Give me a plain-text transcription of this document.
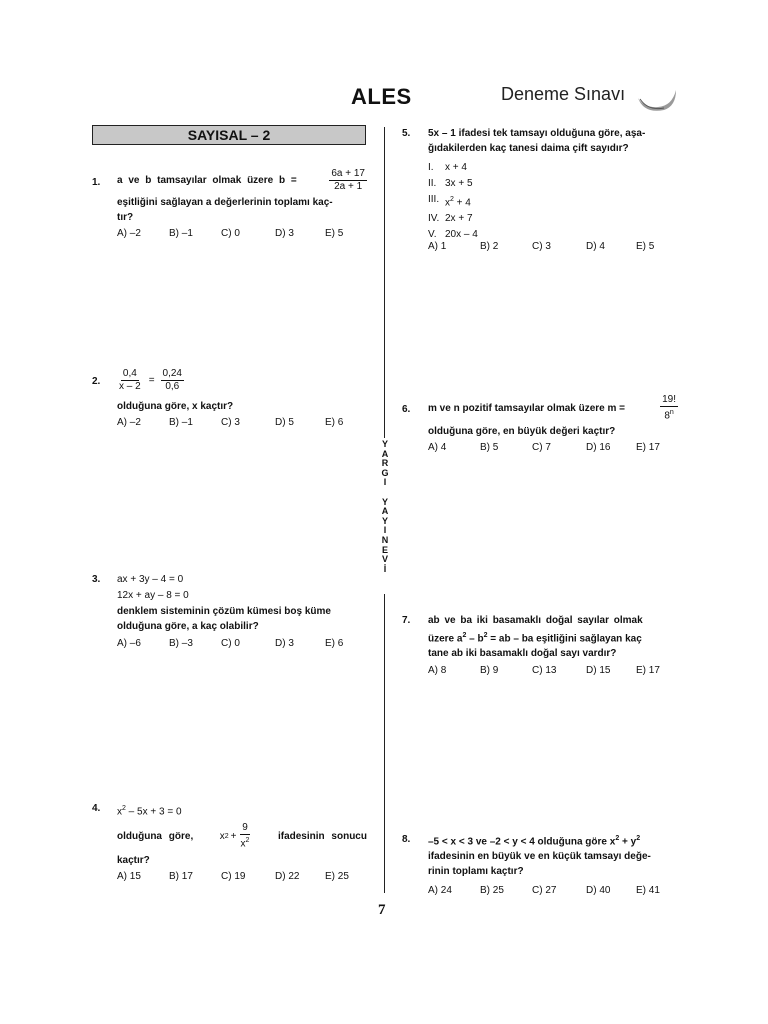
ALES	Deneme Sınavı
SAYISAL – 2
Y
A
R
G
I
Y
A
Y
I
N
E
V
İ
1. a ve b tamsayılar olmak üzere b =	$\frac{6a + 17}{2a + 1}$
eşitliğini sağlayan a değerlerinin toplamı kaç-
tır?
A) –2	B) –1	C) 0	D) 3	E) 5
2. $\frac{0,4}{x - 2} = \frac{0,24}{0,6}$
olduğuna göre, x kaçtır?
A) –2	B) –1	C) 3	D) 5	E) 6
3. ax + 3y – 4 = 0
12x + ay – 8 = 0
denklem sisteminin çözüm kümesi boş küme
olduğuna göre, a kaç olabilir?
A) –6	B) –3	C) 0	D) 3	E) 6
4. $x^2 - 5x + 3 = 0$
olduğuna göre,	x $2 + \frac{9}{x^2}$	ifadesinin sonucu
kaçtır?
A) 15	B) 17	C) 19	D) 22	E) 25
5. 5x – 1 ifadesi tek tamsayı olduğuna göre, aşa-
ğıdakilerden kaç tanesi daima çift sayıdır?
I.	x + 4
II. 3x + 5
III. $x^2 + 4$
IV. 2x + 7
V. 20x – 4
A) 1	B) 2	C) 3	D) 4	E) 5
6. m ve n pozitif tamsayılar olmak üzere m =	$\frac{19!}{8^n}$
olduğuna göre, en büyük değeri kaçtır?
A) 4	B) 5	C) 7	D) 16	E) 17
7. ab ve ba iki basamaklı doğal sayılar olmak
üzere $a^2 - b^2$ = ab – ba eşitliğini sağlayan kaç
tane ab iki basamaklı doğal sayı vardır?
A) 8	B) 9	C) 13	D) 15	E) 17
8. –5 < x < 3 ve –2 < y < 4 olduğuna göre $x^2 + y^2$
ifadesinin en büyük ve en küçük tamsayı değe-
rinin toplamı kaçtır?
A) 24	B) 25	C) 27	D) 40	E) 41
7
